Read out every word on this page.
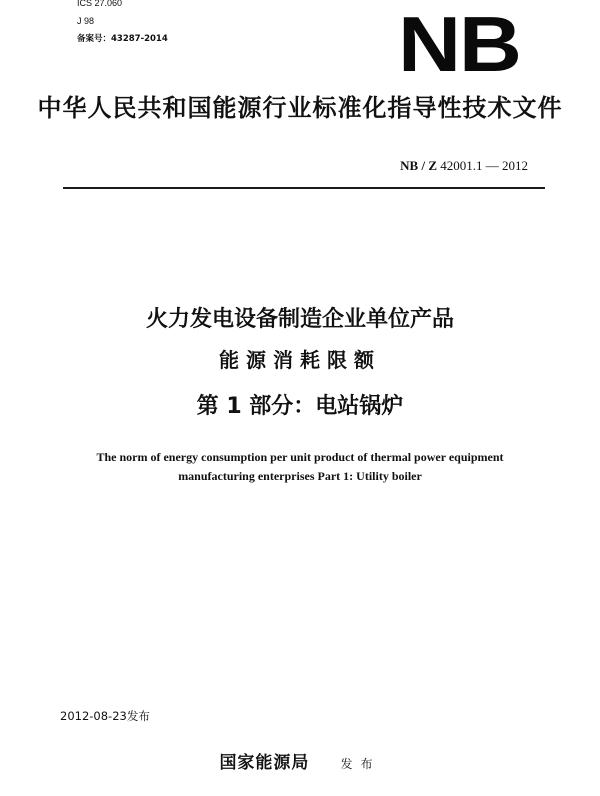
ICS 27.060
J 98
备案号：43287-2014	NB
中华人民共和国能源行业标准化指导性技术文件
NB / Z 42001.1 — 2012
火力发电设备制造企业单位产品
能源消耗限额
第 1 部分：电站锅炉
The norm of energy consumption per unit product of thermal power equipment
manufacturing enterprises Part 1: Utility boiler
2012-08-23发布
国家能源局	发布
